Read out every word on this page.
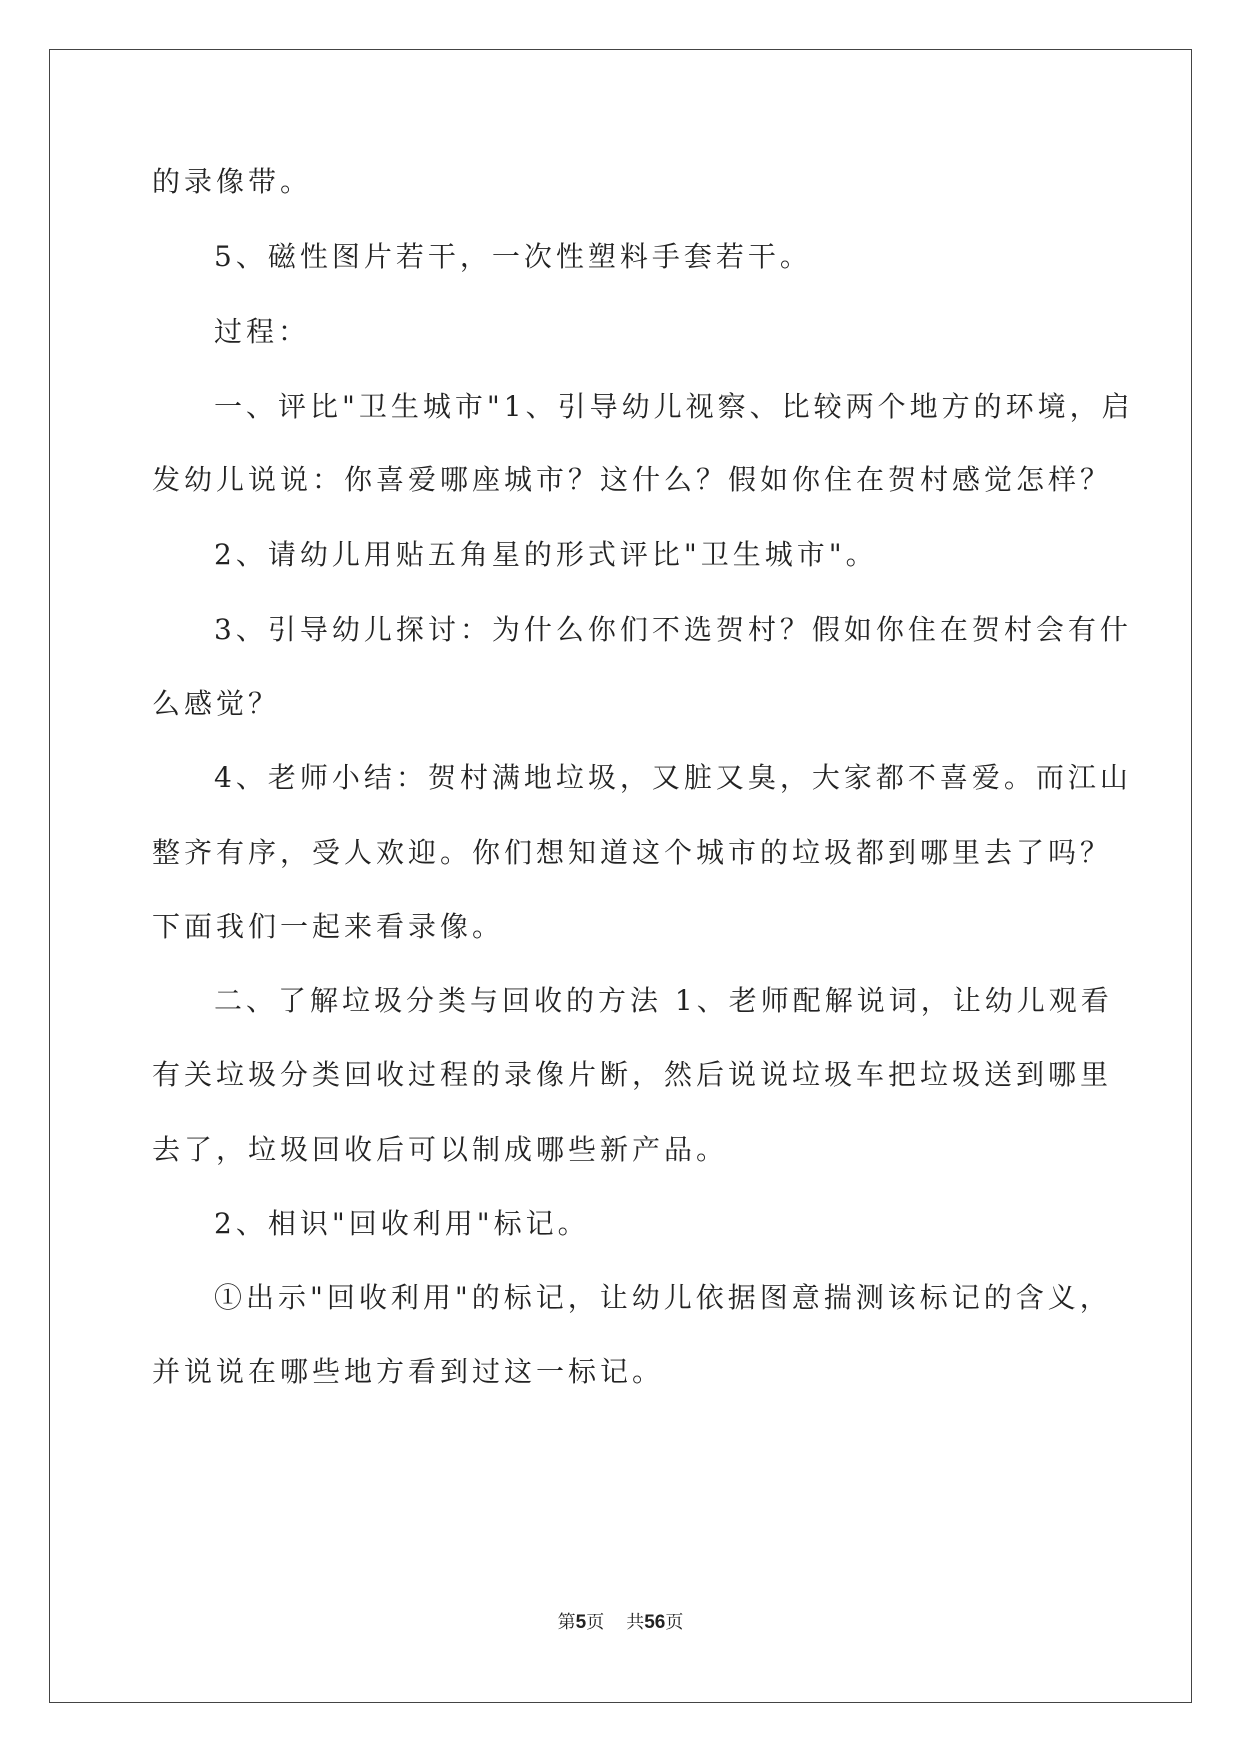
的录像带。
5、磁性图片若干，一次性塑料手套若干。
过程：
一、评比"卫生城市"1、引导幼儿视察、比较两个地方的环境，启
发幼儿说说：你喜爱哪座城市？这什么？假如你住在贺村感觉怎样？
2、请幼儿用贴五角星的形式评比"卫生城市"。
3、引导幼儿探讨：为什么你们不选贺村？假如你住在贺村会有什
么感觉？
4、老师小结：贺村满地垃圾，又脏又臭，大家都不喜爱。而江山
整齐有序，受人欢迎。你们想知道这个城市的垃圾都到哪里去了吗？
下面我们一起来看录像。
二、了解垃圾分类与回收的方法 1、老师配解说词，让幼儿观看
有关垃圾分类回收过程的录像片断，然后说说垃圾车把垃圾送到哪里
去了，垃圾回收后可以制成哪些新产品。
2、相识"回收利用"标记。
①出示"回收利用"的标记，让幼儿依据图意揣测该标记的含义，
并说说在哪些地方看到过这一标记。
第5页 共56页
